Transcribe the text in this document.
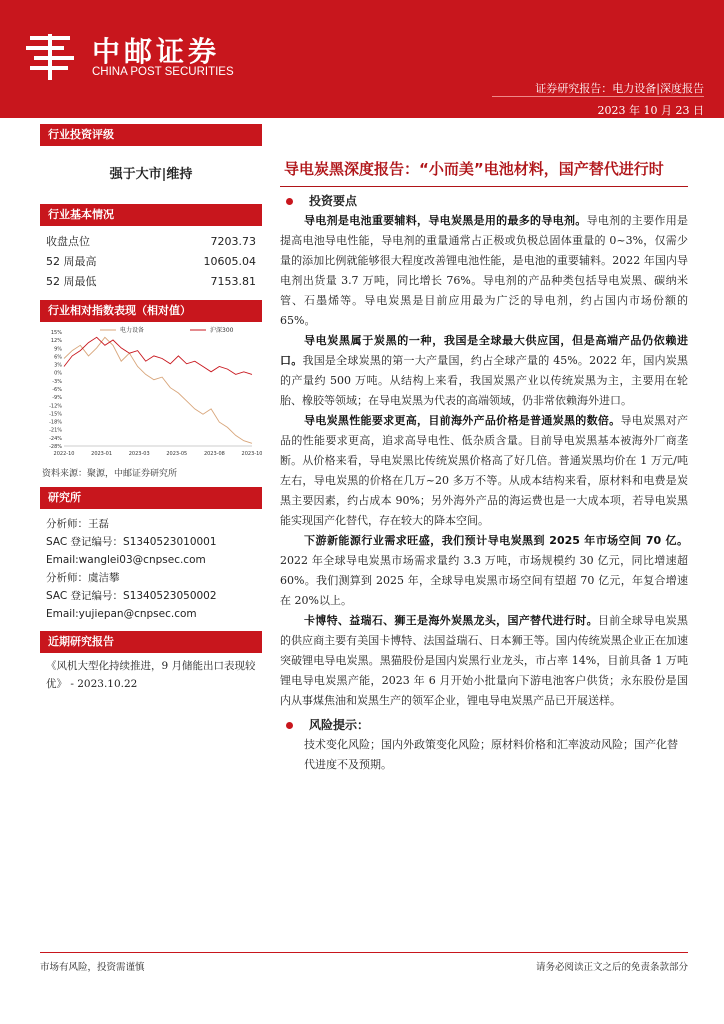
中邮证券
CHINA POST SECURITIES
证券研究报告：电力设备|深度报告
2023 年 10 月 23 日
行业投资评级
强于大市|维持
行业基本情况
收盘点位	7203.73
52 周最高	10605.04
52 周最低	7153.81
行业相对指数表现（相对值）
15%
12%
9%
6%
3%
0%
-3%
-6%
-9%
-12%
-15%
-18%
-21%
-24%
-28%
2022-10	2023-01	2023-03	2023-05	2023-08	2023-10
电力设备	沪深300
资料来源：聚源，中邮证券研究所
研究所
分析师：王磊
SAC 登记编号：S1340523010001
Email:wanglei03@cnpsec.com
分析师：虞洁攀
SAC 登记编号：S1340523050002
Email:yujiepan@cnpsec.com
近期研究报告
《风机大型化持续推进，9 月储能出口表现较优》 - 2023.10.22
导电炭黑深度报告：“小而美”电池材料，国产替代进行时
投资要点
导电剂是电池重要辅料，导电炭黑是用的最多的导电剂。导电剂的主要作用是提高电池导电性能，导电剂的重量通常占正极或负极总固体重量的 0~3%，仅需少量的添加比例就能够很大程度改善锂电池性能，是电池的重要辅料。2022 年国内导电剂出货量 3.7 万吨，同比增长 76%。导电剂的产品种类包括导电炭黑、碳纳米管、石墨烯等。导电炭黑是目前应用最为广泛的导电剂，约占国内市场份额的 65%。
导电炭黑属于炭黑的一种，我国是全球最大供应国，但是高端产品仍依赖进口。我国是全球炭黑的第一大产量国，约占全球产量的 45%。2022 年，国内炭黑的产量约 500 万吨。从结构上来看，我国炭黑产业以传统炭黑为主，主要用在轮胎、橡胶等领域；在导电炭黑为代表的高端领域，仍非常依赖海外进口。
导电炭黑性能要求更高，目前海外产品价格是普通炭黑的数倍。导电炭黑对产品的性能要求更高，追求高导电性、低杂质含量。目前导电炭黑基本被海外厂商垄断。从价格来看，导电炭黑比传统炭黑价格高了好几倍。普通炭黑均价在 1 万元/吨左右，导电炭黑的价格在几万~20 多万不等。从成本结构来看，原材料和电费是炭黑主要因素，约占成本 90%；另外海外产品的海运费也是一大成本项，若导电炭黑能实现国产化替代，存在较大的降本空间。
下游新能源行业需求旺盛，我们预计导电炭黑到 2025 年市场空间 70 亿。2022 年全球导电炭黑市场需求量约 3.3 万吨，市场规模约 30 亿元，同比增速超 60%。我们测算到 2025 年，全球导电炭黑市场空间有望超 70 亿元，年复合增速在 20%以上。
卡博特、益瑞石、狮王是海外炭黑龙头，国产替代进行时。目前全球导电炭黑的供应商主要有美国卡博特、法国益瑞石、日本狮王等。国内传统炭黑企业正在加速突破锂电导电炭黑。黑猫股份是国内炭黑行业龙头，市占率 14%，目前具备 1 万吨锂电导电炭黑产能，2023 年 6 月开始小批量向下游电池客户供货；永东股份是国内从事煤焦油和炭黑生产的领军企业，锂电导电炭黑产品已开展送样。
风险提示：
技术变化风险；国内外政策变化风险；原材料价格和汇率波动风险；国产化替代进度不及预期。
市场有风险，投资需谨慎	请务必阅读正文之后的免责条款部分
